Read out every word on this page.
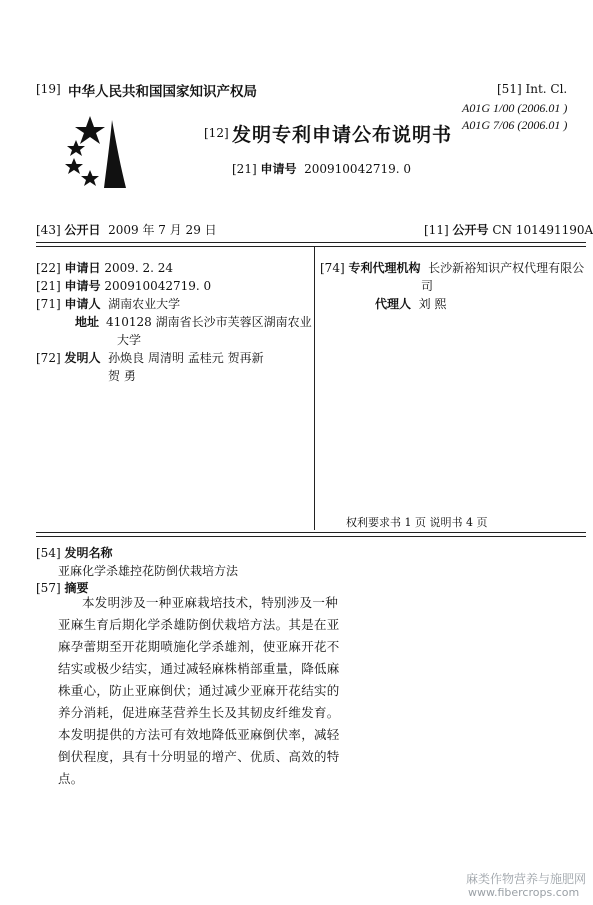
[19] 中华人民共和国国家知识产权局	[51] Int. Cl.
A01G 1/00 (2006.01 )
A01G 7/06 (2006.01 )
[12] 发明专利申请公布说明书
[21] 申请号 200910042719. 0
[43] 公开日 2009 年 7 月 29 日	[11] 公开号 CN 101491190A
[22] 申请日 2009. 2. 24
[21] 申请号 200910042719. 0
[71] 申请人 湖南农业大学
地址 410128 湖南省长沙市芙蓉区湖南农业
大学
[72] 发明人 孙焕良 周清明 孟桂元 贺再新
贺 勇
[74] 专利代理机构 长沙新裕知识产权代理有限公
司
代理人 刘 熙
权利要求书 1 页 说明书 4 页
[54] 发明名称
亚麻化学杀雄控花防倒伏栽培方法
[57] 摘要
本发明涉及一种亚麻栽培技术，特别涉及一种
亚麻生育后期化学杀雄防倒伏栽培方法。其是在亚
麻孕蕾期至开花期喷施化学杀雄剂，使亚麻开花不
结实或极少结实，通过减轻麻株梢部重量，降低麻
株重心，防止亚麻倒伏；通过减少亚麻开花结实的
养分消耗，促进麻茎营养生长及其韧皮纤维发育。
本发明提供的方法可有效地降低亚麻倒伏率，减轻
倒伏程度，具有十分明显的增产、优质、高效的特
点。
麻类作物营养与施肥网
www.fibercrops.com
